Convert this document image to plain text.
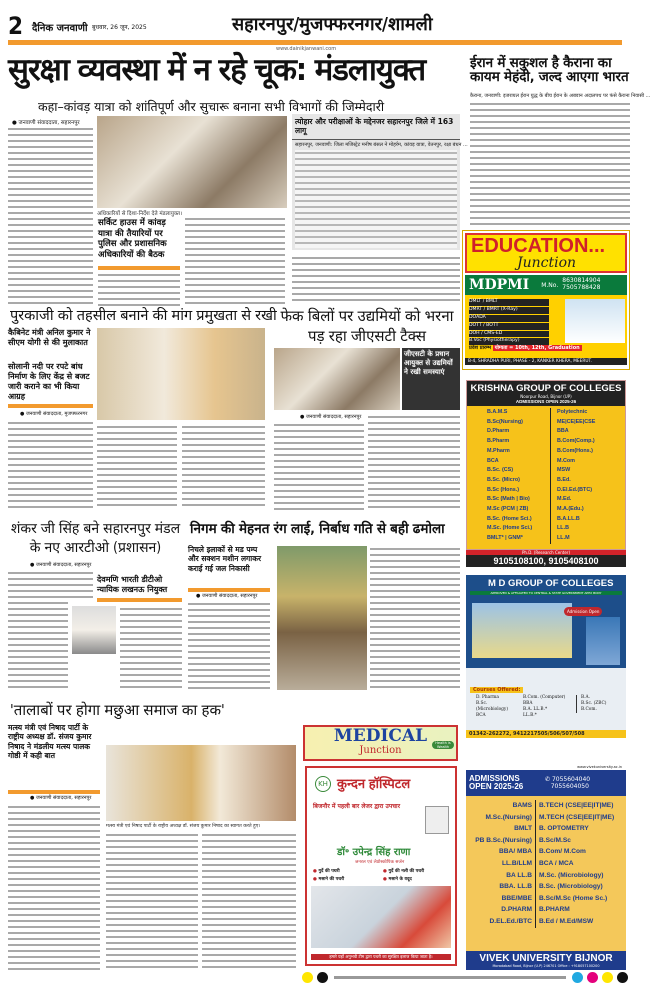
2 दैनिक जनवाणी बुधवार, 26 जून, 2025	सहारनपुर/मुजफ्फरनगर/शामली
www.dainikjanwani.com
सुरक्षा व्यवस्था में न रहे चूक: मंडलायुक्त
कहा–कांवड़ यात्रा को शांतिपूर्ण और सुचारू बनाना सभी विभागों की जिम्मेदारी
● जनवाणी संवाददाता, सहारनपुर
अधिकारियों से दिशा-निर्देश देते मंडलायुक्त।
सर्किट हाउस में कांवड़ यात्रा की तैयारियों पर पुलिस और प्रशासनिक अधिकारियों की बैठक
त्योहार और परीक्षाओं के मद्देनजर सहारनपुर जिले में 163 लागू
सहारनपुर, जनवाणी: जिला मजिस्ट्रेट मनीष बंसल ने मोहर्रम, कांवड़ यात्रा, वेतनपुर, रक्षा बंधन ...
ईरान में सकुशल है कैराना का कायम मेहंदी, जल्द आएगा भारत
कैराना, जनवाणी: इजरायल ईरान युद्ध के बीच ईरान के अबवान अदालपथ पर फंसे कैराना निवासी ...
EDUCATION...
Junction
MDPMI M.No.
8630814904
7505788428
DMLT / BMLT
DMRT / BMRT (X-Ray)
DOADA
DOTT / BOTT
DOH / CMS-ED
B.Voc (Physiotherapy)
प्रवेश प्रारम्भ योग्यता = 10th, 12th, Graduation
B-4, SHRADHA PURI, PHASE - 2, KANKER KHERA, MEERUT.
KRISHNA GROUP OF COLLEGES
Noorpur Road, Bijnor (UP)
ADMISSIONS OPEN 2025-26
B.A.M.S
B.Sc(Nursing)
D.Pharm
B.Pharm
M.Pharm
BCA
B.Sc. (CS)
B.Sc. (Micro)
B.Sc (Hons.)
B.Sc (Math | Bio)
M.Sc (PCM | ZB)
B.Sc. (Home Sci.)
M.Sc. (Home Sci.)
BMLT* | GNM*
Polytechnic
ME|CE|EE|CSE
BBA
B.Com(Comp.)
B.Com(Hons.)
M.Com
MSW
B.Ed.
D.El.Ed.(BTC)
M.Ed.
M.A.(Edu.)
B.A.LL.B
LL.B
LL.M
Ph.D. (Research Center)
9105108100, 9105408100
M D GROUP OF COLLEGES
APPROVED & AFFILIATED TO CENTRAL & STATE GOVERNMENT APEX BODY
Admission Open
Courses Offered:
D. Pharma
B.Sc.(Microbiology)
BCA
B.Com. (Computer)
BBA
B.A. LL.B.*
LL.B.*
B.A.
B.Sc. (ZBC)
B.Com.
01342-262272, 9412217505/506/507/508
ADMISSIONS OPEN 2025-26
✆ 7055604040
7055604050
www.vivekuniversity.ac.in
BAMS
M.Sc.(Nursing)
BMLT
PB B.Sc.(Nursing)
BBA/ MBA
LL.B/LLM
BA LL.B
BBA. LL.B
BBE/MBE
D.PHARM
D.EL.Ed./BTC
B.TECH (CSE|EE|IT|ME)
M.TECH (CSE|EE|IT|ME)
B. OPTOMETRY
B.Sc/M.Sc
B.Com/ M.Com
BCA / MCA
M.Sc. (Microbiology)
B.Sc. (Microbiology)
B.Sc/M.Sc (Home Sc.)
B.PHARM
B.Ed / M.Ed/MSW
VIVEK UNIVERSITY BIJNOR
Moradabad Road, Bijnor (U.P) 246701 Office : +918057100200
पुरकाजी को तहसील बनाने की मांग प्रमुखता से रखी
कैबिनेट मंत्री अनिल कुमार ने सीएम योगी से की मुलाकात
सोलानी नदी पर रपटे बांध निर्माण के लिए केंद्र से बजट जारी कराने का भी किया आग्रह
● जनवाणी संवाददाता, मुजफ्फरनगर
फेक बिलों पर उद्यमियों को भरना पड़ रहा जीएसटी टैक्स
जीएसटी के प्रधान आयुक्त से उद्यमियों ने रखी समस्याएं
● जनवाणी संवाददाता, सहारनपुर
शंकर जी सिंह बने सहारनपुर मंडल के नए आरटीओ (प्रशासन)
● जनवाणी संवाददाता, सहारनपुर
देवमणि भारती डीटीओ न्यायिक लखनऊ नियुक्त
निगम की मेहनत रंग लाई, निर्बाध गति से बही ढमोला
निचले इलाकों से मड पम्प और सक्शन मशीन लगाकर कराई गई जल निकासी
● जनवाणी संवाददाता, सहारनपुर
'तालाबों पर होगा मछुआ समाज का हक'
मत्स्य मंत्री एवं निषाद पार्टी के राष्ट्रीय अध्यक्ष डॉ. संजय कुमार निषाद ने मंडलीय मत्स्य पालक गोष्ठी में कही बात
● जनवाणी संवाददाता, सहारनपुर
मत्स्य मंत्री एवं निषाद पार्टी के राष्ट्रीय अध्यक्ष डॉ. संजय कुमार निषाद का स्वागत करते हुए।
MEDICAL
Junction
Health is Wealth
KH कुन्दन हॉस्पिटल
बिजनौर में पहली बार लेजर द्वारा उपचार
डॉ॰ उपेन्द्र सिंह राणा
जनरल एवं लेप्रोस्कोपिक सर्जन
● गुर्दे की पथरी	● गुर्दे की नली की पथरी
● मसाने की पथरी	● मसाने के ग़दूद
हमारे यहाँ अनुभवी टीम द्वारा पथरी का सुरक्षित इलाज किया जाता है।
